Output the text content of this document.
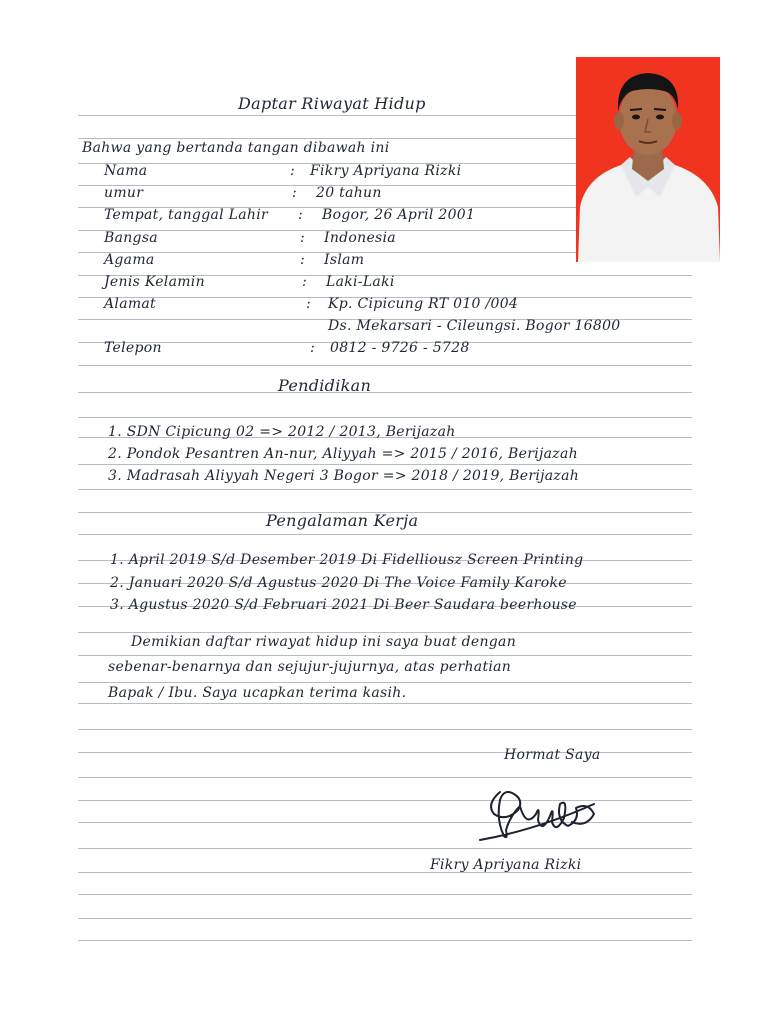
Daptar Riwayat Hidup
Bahwa yang bertanda tangan dibawah ini
Nama	: Fikry Apriyana Rizki
umur	: 20 tahun
Tempat, tanggal Lahir : Bogor, 26 April 2001
Bangsa	: Indonesia
Agama	: Islam
Jenis Kelamin	: Laki-Laki
Alamat	: Kp. Cipicung RT 010 /004
Ds. Mekarsari - Cileungsi. Bogor 16800
Telepon	: 0812 - 9726 - 5728
Pendidikan
1. SDN Cipicung 02 => 2012 / 2013, Berijazah
2. Pondok Pesantren An-nur, Aliyyah => 2015 / 2016, Berijazah
3. Madrasah Aliyyah Negeri 3 Bogor => 2018 / 2019, Berijazah
Pengalaman Kerja
1. April 2019 S/d Desember 2019 Di Fidelliousz Screen Printing
2. Januari 2020 S/d Agustus 2020 Di The Voice Family Karoke
3. Agustus 2020 S/d Februari 2021 Di Beer Saudara beerhouse
Demikian daftar riwayat hidup ini saya buat dengan
sebenar-benarnya dan sejujur-jujurnya, atas perhatian
Bapak / Ibu. Saya ucapkan terima kasih.
Hormat Saya
Fikry Apriyana Rizki
